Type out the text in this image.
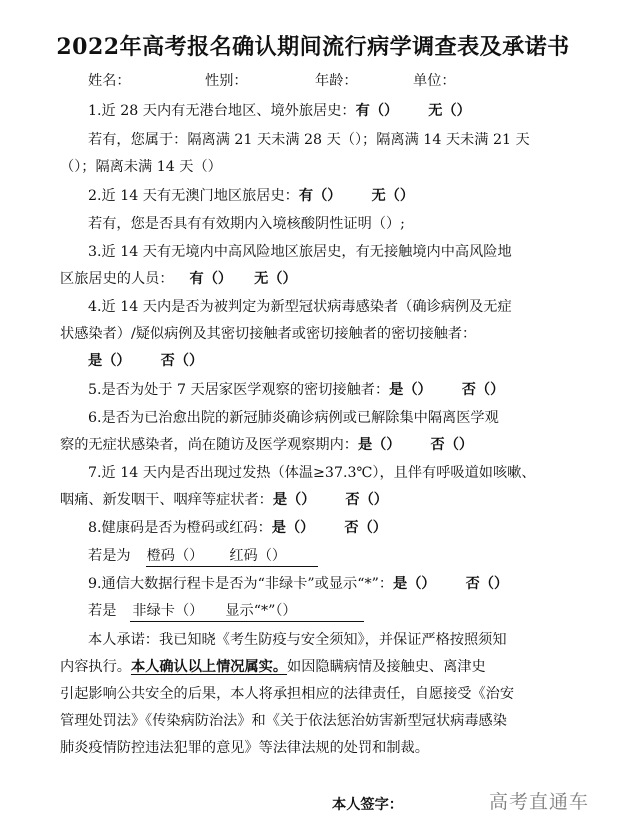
2022年高考报名确认期间流行病学调查表及承诺书
姓名：	性别：	年龄：	单位：
1.近 28 天内有无港台地区、境外旅居史：有（） 无（）
若有，您属于：隔离满 21 天未满 28 天（）；隔离满 14 天未满 21 天
（）；隔离未满 14 天（）
2.近 14 天有无澳门地区旅居史：有（） 无（）
若有，您是否具有有效期内入境核酸阴性证明（）;
3.近 14 天有无境内中高风险地区旅居史，有无接触境内中高风险地
区旅居史的人员： 有（） 无（）
4.近 14 天内是否为被判定为新型冠状病毒感染者（确诊病例及无症
状感染者）/疑似病例及其密切接触者或密切接触者的密切接触者：
是（） 否（）
5.是否为处于 7 天居家医学观察的密切接触者：是（） 否（）
6.是否为已治愈出院的新冠肺炎确诊病例或已解除集中隔离医学观
察的无症状感染者，尚在随访及医学观察期内：是（） 否（）
7.近 14 天内是否出现过发热（体温≥37.3℃），且伴有呼吸道如咳嗽、
咽痛、新发咽干、咽痒等症状者：是（） 否（）
8.健康码是否为橙码或红码：是（） 否（）
若是为 橙码（） 红码（）
9.通信大数据行程卡是否为“非绿卡”或显示“*”：是（） 否（）
若是 非绿卡（） 显示“*”（）
本人承诺：我已知晓《考生防疫与安全须知》，并保证严格按照须知
内容执行。本人确认以上情况属实。如因隐瞒病情及接触史、离津史
引起影响公共安全的后果，本人将承担相应的法律责任，自愿接受《治安
管理处罚法》《传染病防治法》和《关于依法惩治妨害新型冠状病毒感染
肺炎疫情防控违法犯罪的意见》等法律法规的处罚和制裁。
本人签字：	高考直通车
